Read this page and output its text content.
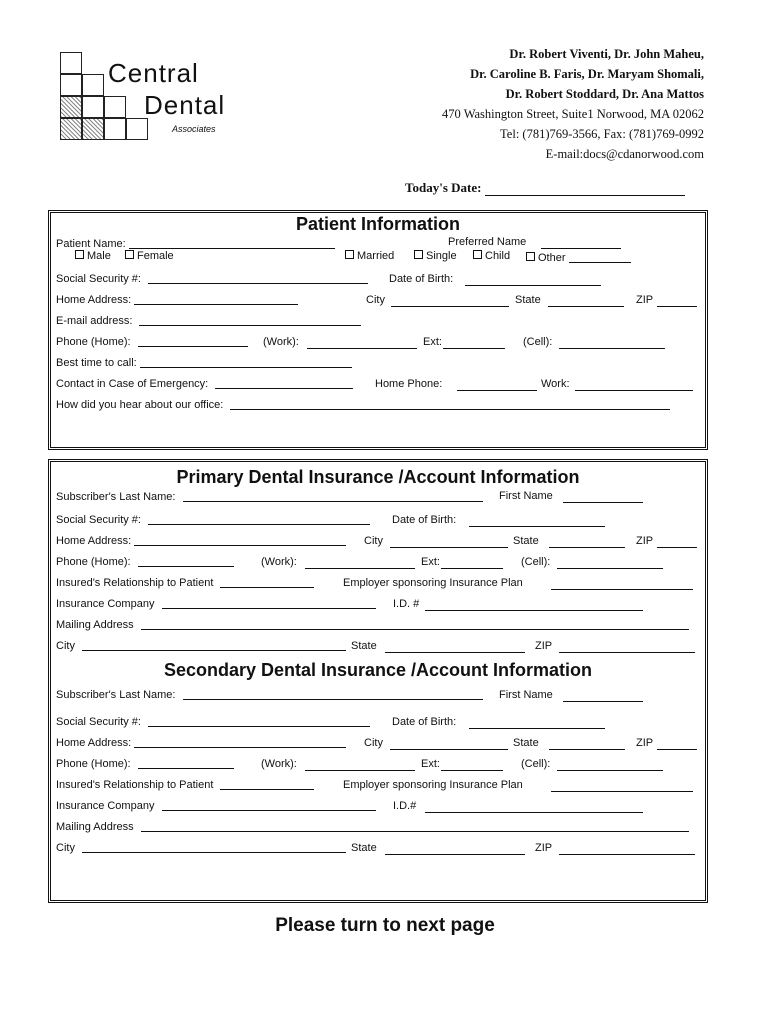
Central
Dental
Associates
Dr. Robert Viventi, Dr. John Maheu,
Dr. Caroline B. Faris, Dr. Maryam Shomali,
Dr. Robert Stoddard, Dr. Ana Mattos
470 Washington Street, Suite1 Norwood, MA 02062
Tel: (781)769-3566, Fax: (781)769-0992
E-mail:docs@cdanorwood.com
Today's Date:
Patient Information
Patient Name:	Preferred Name
Male	Female	Married	Single	Child	Other
Social Security #:	Date of Birth:
Home Address:	City	State	ZIP
E-mail address:
Phone (Home):	(Work):	Ext:	(Cell):
Best time to call:
Contact in Case of Emergency:	Home Phone:	Work:
How did you hear about our office:
Primary Dental Insurance /Account Information
Subscriber's Last Name:	First Name
Social Security #:	Date of Birth:
Home Address:	City	State	ZIP
Phone (Home):	(Work):	Ext:	(Cell):
Insured's Relationship to Patient	Employer sponsoring Insurance Plan
Insurance Company	I.D. #
Mailing Address
City	State	ZIP
Secondary Dental Insurance /Account Information
Subscriber's Last Name:	First Name
Social Security #:	Date of Birth:
Home Address:	City	State	ZIP
Phone (Home):	(Work):	Ext:	(Cell):
Insured's Relationship to Patient	Employer sponsoring Insurance Plan
Insurance Company	I.D.#
Mailing Address
City	State	ZIP
Please turn to next page
